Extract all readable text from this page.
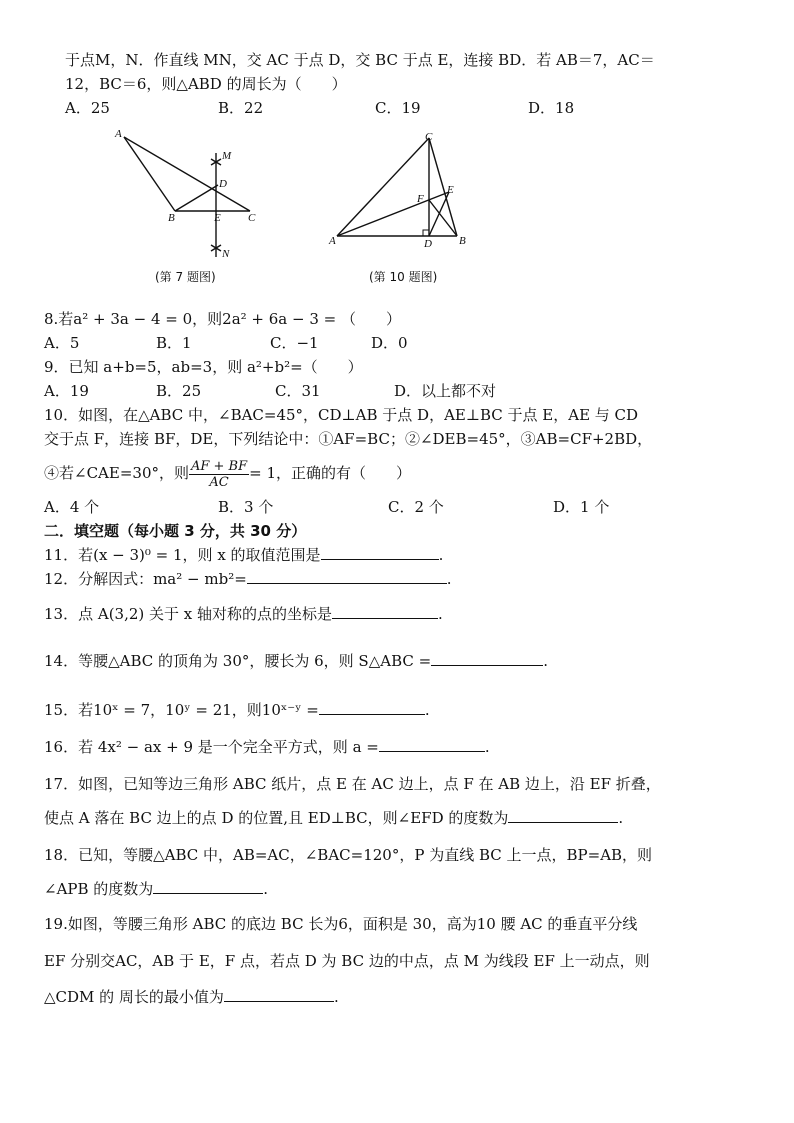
于点M，N．作直线 MN，交 AC 于点 D，交 BC 于点 E，连接 BD．若 AB＝7，AC＝
12，BC＝6，则△ABD 的周长为（　　）
A．25	B．22	C．19	D．18
A
M
D
B	E C
N
(第 7 题图)
C
F
E
A	D B
(第 10 题图)
8.若a² + 3a − 4 = 0，则2a² + 6a − 3 = （　　）
A．5	B．1	C．−1	D．0
9．已知 a+b=5，ab=3，则 a²+b²=（　　）
A．19	B．25	C．31	D．以上都不对
10．如图，在△ABC 中，∠BAC=45°，CD⊥AB 于点 D，AE⊥BC 于点 E，AE 与 CD
交于点 F，连接 BF，DE，下列结论中：①AF=BC；②∠DEB=45°，③AB=CF+2BD，
④若∠CAE=30°，则 $\frac{AF + BF}{AC} = 1$，正确的有（　　）
A．4 个	B．3 个	C．2 个	D．1 个
二．填空题（每小题 3 分，共 30 分）
11．若(x − 3)⁰ = 1，则 x 的取值范围是	.
12．分解因式：ma² − mb²=	.
13．点 A(3,2) 关于 x 轴对称的点的坐标是	.
14．等腰△ABC 的顶角为 30°，腰长为 6，则 S△ABC =	.
15．若10ˣ = 7，10ʸ = 21，则10ˣ⁻ʸ =	.
16．若 4x² − ax + 9 是一个完全平方式，则 a =	.
17．如图，已知等边三角形 ABC 纸片，点 E 在 AC 边上，点 F 在 AB 边上，沿 EF 折叠，
使点 A 落在 BC 边上的点 D 的位置,且 ED⊥BC，则∠EFD 的度数为	.
18．已知，等腰△ABC 中，AB=AC，∠BAC=120°，P 为直线 BC 上一点，BP=AB，则
∠APB 的度数为	.
19.如图，等腰三角形 ABC 的底边 BC 长为6，面积是 30，高为10 腰 AC 的垂直平分线
EF 分别交AC，AB 于 E，F 点，若点 D 为 BC 边的中点，点 M 为线段 EF 上一动点，则
△CDM 的 周长的最小值为	.
